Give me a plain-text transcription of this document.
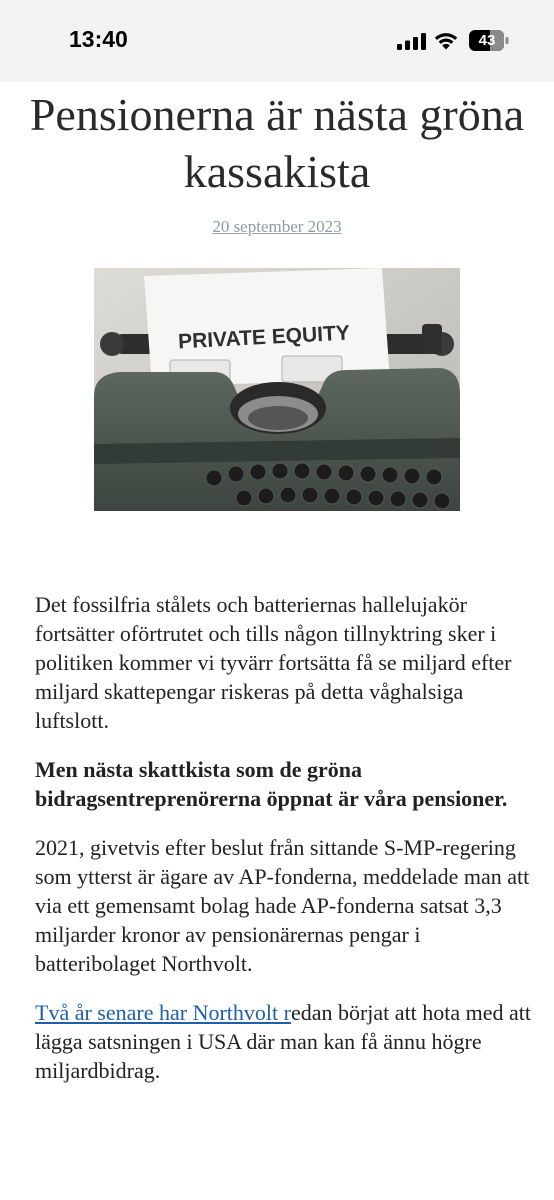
13:40	43
Pensionerna är nästa gröna kassakista
20 september 2023
PRIVATE EQUITY

Det fossilfria stålets och batteriernas hallelujakör fortsätter oförtrutet och tills någon tillnyktring sker i politiken kommer vi tyvärr fortsätta få se miljard efter miljard skattepengar riskeras på detta våghalsiga luftslott.

Men nästa skattkista som de gröna bidragsentreprenörerna öppnat är våra pensioner.

2021, givetvis efter beslut från sittande S-MP-regering som ytterst är ägare av AP-fonderna, meddelade man att via ett gemensamt bolag hade AP-fonderna satsat 3,3 miljarder kronor av pensionärernas pengar i batteribolaget Northvolt.

Två år senare har Northvolt redan börjat att hota med att lägga satsningen i USA där man kan få ännu högre miljardbidrag.
